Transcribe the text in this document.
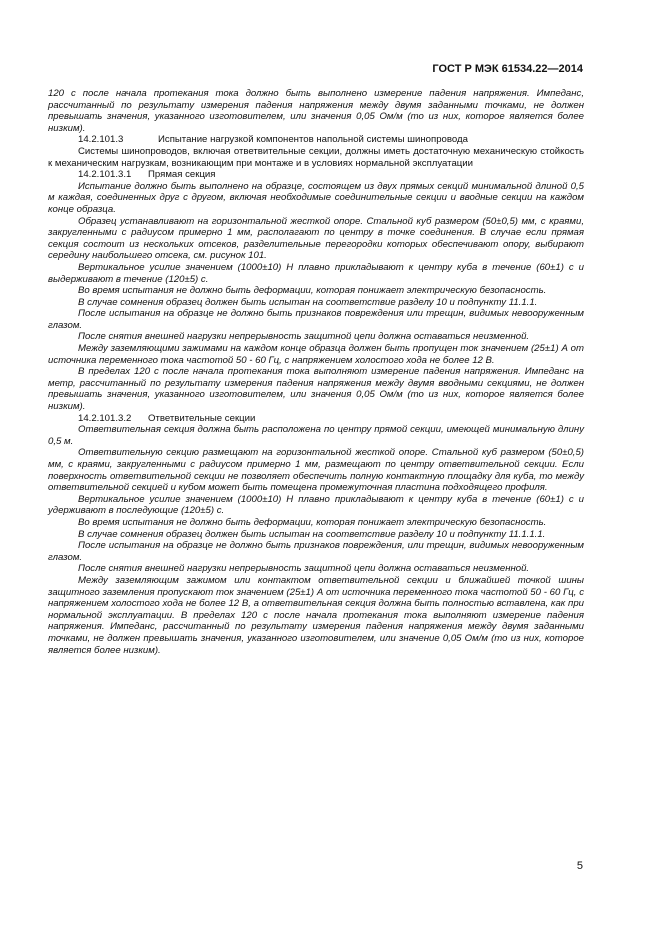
ГОСТ Р МЭК 61534.22—2014

120 с после начала протекания тока должно быть выполнено измерение падения напряжения. Импеданс, рассчитанный по результату измерения падения напряжения между двумя заданными точками, не должен превышать значения, указанного изготовителем, или значения 0,05 Ом/м (то из них, которое является более низким).

14.2.101.3	Испытание нагрузкой компонентов напольной системы шинопровода

Системы шинопроводов, включая ответвительные секции, должны иметь достаточную механическую стойкость к механическим нагрузкам, возникающим при монтаже и в условиях нормальной эксплуатации

14.2.101.3.1 Прямая секция

Испытание должно быть выполнено на образце, состоящем из двух прямых секций минимальной длиной 0,5 м каждая, соединенных друг с другом, включая необходимые соединительные секции и вводные секции на каждом конце образца.

Образец устанавливают на горизонтальной жесткой опоре. Стальной куб размером (50±0,5) мм, с краями, закругленными с радиусом примерно 1 мм, располагают по центру в точке соединения. В случае если прямая секция состоит из нескольких отсеков, разделительные перегородки которых обеспечивают опору, выбирают середину наибольшего отсека, см. рисунок 101.

Вертикальное усилие значением (1000±10) Н плавно прикладывают к центру куба в течение (60±1) с и выдерживают в течение (120±5) с.

Во время испытания не должно быть деформации, которая понижает электрическую безопасность.

В случае сомнения образец должен быть испытан на соответствие разделу 10 и подпункту 11.1.1.

После испытания на образце не должно быть признаков повреждения или трещин, видимых невооруженным глазом.

После снятия внешней нагрузки непрерывность защитной цепи должна оставаться неизменной.

Между заземляющими зажимами на каждом конце образца должен быть пропущен ток значением (25±1) А от источника переменного тока частотой 50 - 60 Гц, с напряжением холостого хода не более 12 В.

В пределах 120 с после начала протекания тока выполняют измерение падения напряжения. Импеданс на метр, рассчитанный по результату измерения падения напряжения между двумя вводными секциями, не должен превышать значения, указанного изготовителем, или значения 0,05 Ом/м (то из них, которое является более низким).

14.2.101.3.2 Ответвительные секции

Ответвительная секция должна быть расположена по центру прямой секции, имеющей минимальную длину 0,5 м.

Ответвительную секцию размещают на горизонтальной жесткой опоре. Стальной куб размером (50±0,5) мм, с краями, закругленными с радиусом примерно 1 мм, размещают по центру ответвительной секции. Если поверхность ответвительной секции не позволяет обеспечить полную контактную площадку для куба, то между ответвительной секцией и кубом может быть помещена промежуточная пластина подходящего профиля.

Вертикальное усилие значением (1000±10) Н плавно прикладывают к центру куба в течение (60±1) с и удерживают в последующие (120±5) с.

Во время испытания не должно быть деформации, которая понижает электрическую безопасность.

В случае сомнения образец должен быть испытан на соответствие разделу 10 и подпункту 11.1.1.1.

После испытания на образце не должно быть признаков повреждения, или трещин, видимых невооруженным глазом.

После снятия внешней нагрузки непрерывность защитной цепи должна оставаться неизменной.

Между заземляющим зажимом или контактом ответвительной секции и ближайшей точкой шины защитного заземления пропускают ток значением (25±1) А от источника переменного тока частотой 50 - 60 Гц, с напряжением холостого хода не более 12 В, а ответвительная секция должна быть полностью вставлена, как при нормальной эксплуатации. В пределах 120 с после начала протекания тока выполняют измерение падения напряжения. Импеданс, рассчитанный по результату измерения падения напряжения между двумя заданными точками, не должен превышать значения, указанного изготовителем, или значение 0,05 Ом/м (то из них, которое является более низким).

5
